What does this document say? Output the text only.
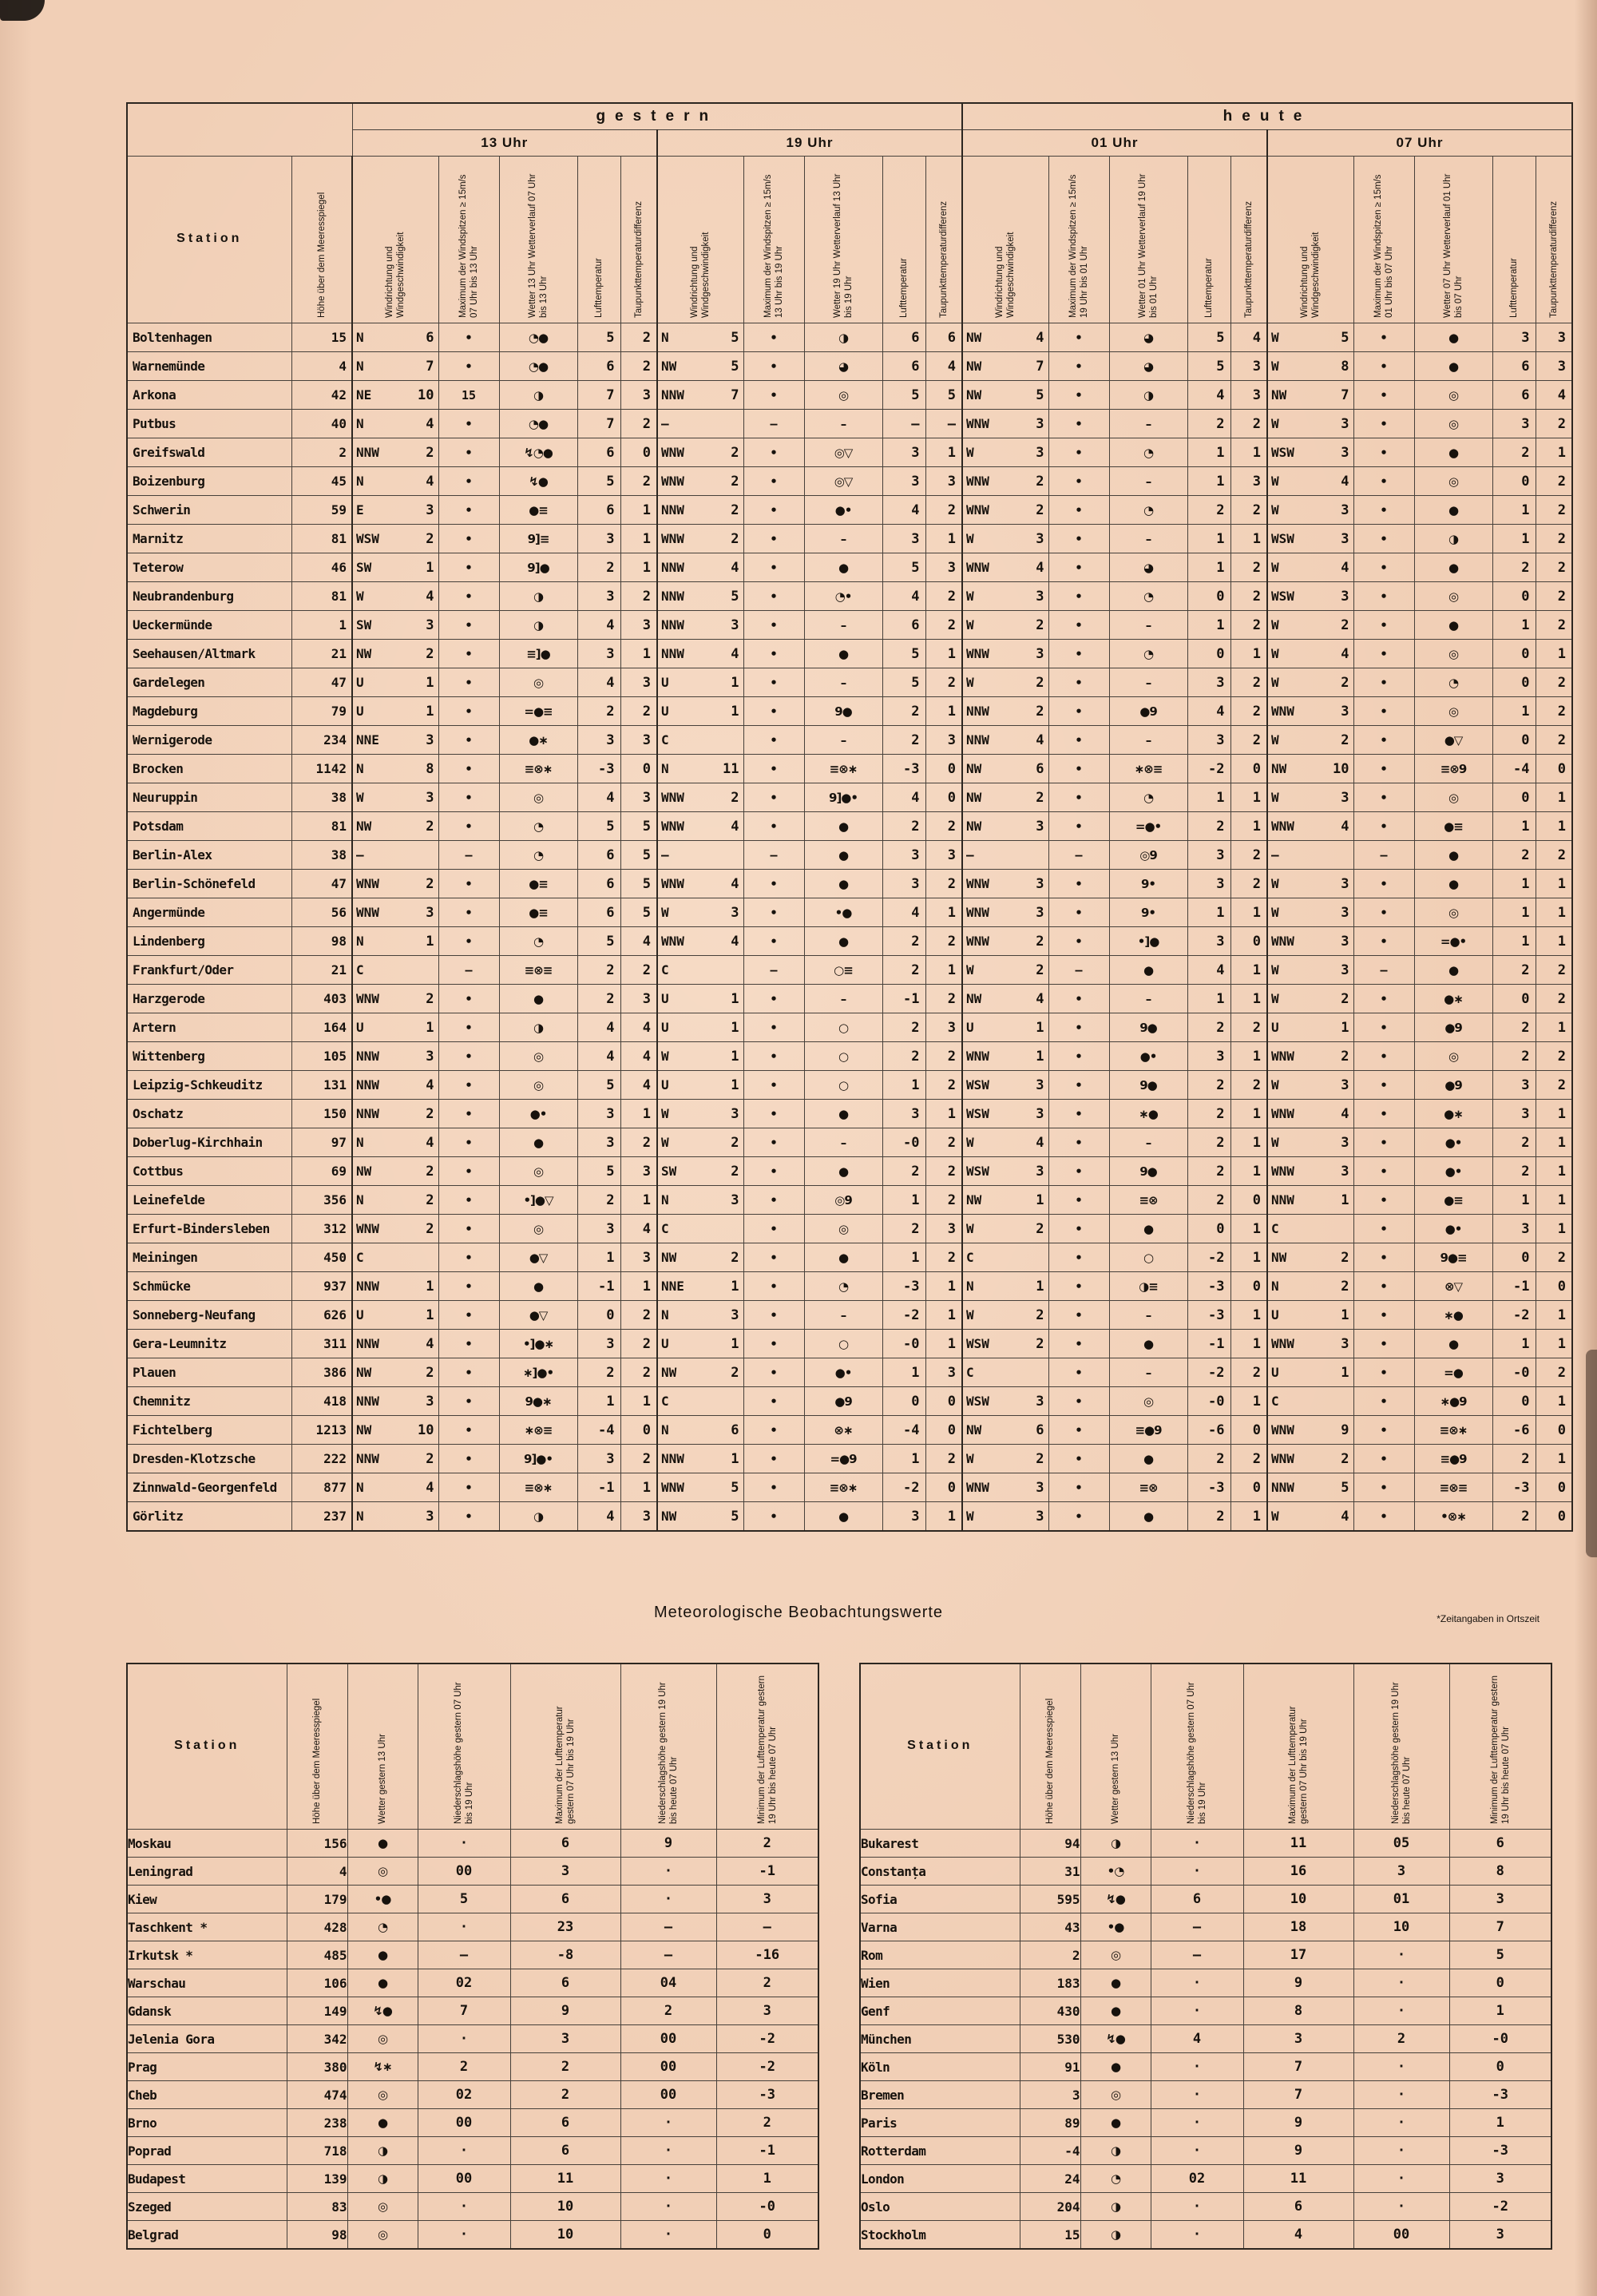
		gestern												heute											
		13 Uhr						19 Uhr						01 Uhr						07 Uhr					
Station	Höhe über dem Meeresspiegel	Windrichtung und Windgeschwindigkeit		Maximum der Windspitzen ≥ 15m/s 07 Uhr bis 13 Uhr	Wetter 13 Uhr Wetterverlauf 07 Uhr bis 13 Uhr	Lufttemperatur	Taupunkttemperaturdifferenz	Windrichtung und Windgeschwindigkeit		Maximum der Windspitzen ≥ 15m/s 13 Uhr bis 19 Uhr	Wetter 19 Uhr Wetterverlauf 13 Uhr bis 19 Uhr	Lufttemperatur	Taupunkttemperaturdifferenz	Windrichtung und Windgeschwindigkeit		Maximum der Windspitzen ≥ 15m/s 19 Uhr bis 01 Uhr	Wetter 01 Uhr Wetterverlauf 19 Uhr bis 01 Uhr	Lufttemperatur	Taupunkttemperaturdifferenz	Windrichtung und Windgeschwindigkeit		Maximum der Windspitzen ≥ 15m/s 01 Uhr bis 07 Uhr	Wetter 07 Uhr Wetterverlauf 01 Uhr bis 07 Uhr	Lufttemperatur	Taupunkttemperaturdifferenz

Boltenhagen	15	N	6	•	◔●	5	2	N	5	•	◑	6	6	NW	4	•	◕	5	4	W	5	•	●	3	3
Warnemünde	4	N	7	•	◔●	6	2	NW	5	•	◕	6	4	NW	7	•	◕	5	3	W	8	•	●	6	3
Arkona	42	NE	10	15	◑	7	3	NNW	7	•	◎	5	5	NW	5	•	◑	4	3	NW	7	•	◎	6	4
Putbus	40	N	4	•	◔●	7	2	–		–	–	–	–	WNW	3	•	–	2	2	W	3	•	◎	3	2
Greifswald	2	NNW	2	•	↯◔●	6	0	WNW	2	•	◎▽	3	1	W	3	•	◔	1	1	WSW	3	•	●	2	1
Boizenburg	45	N	4	•	↯●	5	2	WNW	2	•	◎▽	3	3	WNW	2	•	–	1	3	W	4	•	◎	0	2
Schwerin	59	E	3	•	●≡	6	1	NNW	2	•	●•	4	2	WNW	2	•	◔	2	2	W	3	•	●	1	2
Marnitz	81	WSW	2	•	9]≡	3	1	WNW	2	•	–	3	1	W	3	•	–	1	1	WSW	3	•	◑	1	2
Teterow	46	SW	1	•	9]●	2	1	NNW	4	•	●	5	3	WNW	4	•	◕	1	2	W	4	•	●	2	2
Neubrandenburg	81	W	4	•	◑	3	2	NNW	5	•	◔•	4	2	W	3	•	◔	0	2	WSW	3	•	◎	0	2
Ueckermünde	1	SW	3	•	◑	4	3	NNW	3	•	–	6	2	W	2	•	–	1	2	W	2	•	●	1	2
Seehausen/Altmark	21	NW	2	•	≡]●	3	1	NNW	4	•	●	5	1	WNW	3	•	◔	0	1	W	4	•	◎	0	1
Gardelegen	47	U	1	•	◎	4	3	U	1	•	–	5	2	W	2	•	–	3	2	W	2	•	◔	0	2
Magdeburg	79	U	1	•	=●≡	2	2	U	1	•	9●	2	1	NNW	2	•	●9	4	2	WNW	3	•	◎	1	2
Wernigerode	234	NNE	3	•	●∗	3	3	C		•	–	2	3	NNW	4	•	–	3	2	W	2	•	●▽	0	2
Brocken	1142	N	8	•	≡⊗∗	-3	0	N	11	•	≡⊗∗	-3	0	NW	6	•	∗⊗≡	-2	0	NW	10	•	≡⊗9	-4	0
Neuruppin	38	W	3	•	◎	4	3	WNW	2	•	9]●•	4	0	NW	2	•	◔	1	1	W	3	•	◎	0	1
Potsdam	81	NW	2	•	◔	5	5	WNW	4	•	●	2	2	NW	3	•	=●•	2	1	WNW	4	•	●≡	1	1
Berlin-Alex	38	–		–	◔	6	5	–		–	●	3	3	–		–	◎9	3	2	–		–	●	2	2
Berlin-Schönefeld	47	WNW	2	•	●≡	6	5	WNW	4	•	●	3	2	WNW	3	•	9•	3	2	W	3	•	●	1	1
Angermünde	56	WNW	3	•	●≡	6	5	W	3	•	•●	4	1	WNW	3	•	9•	1	1	W	3	•	◎	1	1
Lindenberg	98	N	1	•	◔	5	4	WNW	4	•	●	2	2	WNW	2	•	•]●	3	0	WNW	3	•	=●•	1	1
Frankfurt/Oder	21	C		–	≡⊗≡	2	2	C		–	○≡	2	1	W	2	–	●	4	1	W	3	–	●	2	2
Harzgerode	403	WNW	2	•	●	2	3	U	1	•	–	-1	2	NW	4	•	–	1	1	W	2	•	●∗	0	2
Artern	164	U	1	•	◑	4	4	U	1	•	○	2	3	U	1	•	9●	2	2	U	1	•	●9	2	1
Wittenberg	105	NNW	3	•	◎	4	4	W	1	•	○	2	2	WNW	1	•	●•	3	1	WNW	2	•	◎	2	2
Leipzig-Schkeuditz	131	NNW	4	•	◎	5	4	U	1	•	○	1	2	WSW	3	•	9●	2	2	W	3	•	●9	3	2
Oschatz	150	NNW	2	•	●•	3	1	W	3	•	●	3	1	WSW	3	•	∗●	2	1	WNW	4	•	●∗	3	1
Doberlug-Kirchhain	97	N	4	•	●	3	2	W	2	•	–	-0	2	W	4	•	–	2	1	W	3	•	●•	2	1
Cottbus	69	NW	2	•	◎	5	3	SW	2	•	●	2	2	WSW	3	•	9●	2	1	WNW	3	•	●•	2	1
Leinefelde	356	N	2	•	•]●▽	2	1	N	3	•	◎9	1	2	NW	1	•	≡⊗	2	0	NNW	1	•	●≡	1	1
Erfurt-Bindersleben	312	WNW	2	•	◎	3	4	C		•	◎	2	3	W	2	•	●	0	1	C		•	●•	3	1
Meiningen	450	C		•	●▽	1	3	NW	2	•	●	1	2	C		•	○	-2	1	NW	2	•	9●≡	0	2
Schmücke	937	NNW	1	•	●	-1	1	NNE	1	•	◔	-3	1	N	1	•	◑≡	-3	0	N	2	•	⊗▽	-1	0
Sonneberg-Neufang	626	U	1	•	●▽	0	2	N	3	•	–	-2	1	W	2	•	–	-3	1	U	1	•	∗●	-2	1
Gera-Leumnitz	311	NNW	4	•	•]●∗	3	2	U	1	•	○	-0	1	WSW	2	•	●	-1	1	WNW	3	•	●	1	1
Plauen	386	NW	2	•	∗]●•	2	2	NW	2	•	●•	1	3	C		•	–	-2	2	U	1	•	=●	-0	2
Chemnitz	418	NNW	3	•	9●∗	1	1	C		•	●9	0	0	WSW	3	•	◎	-0	1	C		•	∗●9	0	1
Fichtelberg	1213	NW	10	•	∗⊗≡	-4	0	N	6	•	⊗∗	-4	0	NW	6	•	≡●9	-6	0	WNW	9	•	≡⊗∗	-6	0
Dresden-Klotzsche	222	NNW	2	•	9]●•	3	2	NNW	1	•	=●9	1	2	W	2	•	●	2	2	WNW	2	•	≡●9	2	1
Zinnwald-Georgenfeld	877	N	4	•	≡⊗∗	-1	1	WNW	5	•	≡⊗∗	-2	0	WNW	3	•	≡⊗	-3	0	NNW	5	•	≡⊗≡	-3	0
Görlitz	237	N	3	•	◑	4	3	NW	5	•	●	3	1	W	3	•	●	2	1	W	4	•	•⊗∗	2	0
Meteorologische Beobachtungswerte	*Zeitangaben in Ortszeit
Station	Höhe über dem Meeresspiegel	Wetter gestern 13 Uhr	Niederschlagshöhe gestern 07 Uhr bis 19 Uhr	Maximum der Lufttemperatur gestern 07 Uhr bis 19 Uhr	Niederschlagshöhe gestern 19 Uhr bis heute 07 Uhr	Minimum der Lufttemperatur gestern 19 Uhr bis heute 07 Uhr

Moskau	156	●	·	6	9	2
Leningrad	4	◎	00	3	·	-1
Kiew	179	•●	5	6	·	3
Taschkent *	428	◔	·	23	–	–
Irkutsk *	485	●	–	-8	–	-16
Warschau	106	●	02	6	04	2
Gdansk	149	↯●	7	9	2	3
Jelenia Gora	342	◎	·	3	00	-2
Prag	380	↯∗	2	2	00	-2
Cheb	474	◎	02	2	00	-3
Brno	238	●	00	6	·	2
Poprad	718	◑	·	6	·	-1
Budapest	139	◑	00	11	·	1
Szeged	83	◎	·	10	·	-0
Belgrad	98	◎	·	10	·	0
Station	Höhe über dem Meeresspiegel	Wetter gestern 13 Uhr	Niederschlagshöhe gestern 07 Uhr bis 19 Uhr	Maximum der Lufttemperatur gestern 07 Uhr bis 19 Uhr	Niederschlagshöhe gestern 19 Uhr bis heute 07 Uhr	Minimum der Lufttemperatur gestern 19 Uhr bis heute 07 Uhr

Bukarest	94	◑	·	11	05	6
Constanța	31	•◔	·	16	3	8
Sofia	595	↯●	6	10	01	3
Varna	43	•●	–	18	10	7
Rom	2	◎	–	17	·	5
Wien	183	●	·	9	·	0
Genf	430	●	·	8	·	1
München	530	↯●	4	3	2	-0
Köln	91	●	·	7	·	0
Bremen	3	◎	·	7	·	-3
Paris	89	●	·	9	·	1
Rotterdam	-4	◑	·	9	·	-3
London	24	◔	02	11	·	3
Oslo	204	◑	·	6	·	-2
Stockholm	15	◑	·	4	00	3
